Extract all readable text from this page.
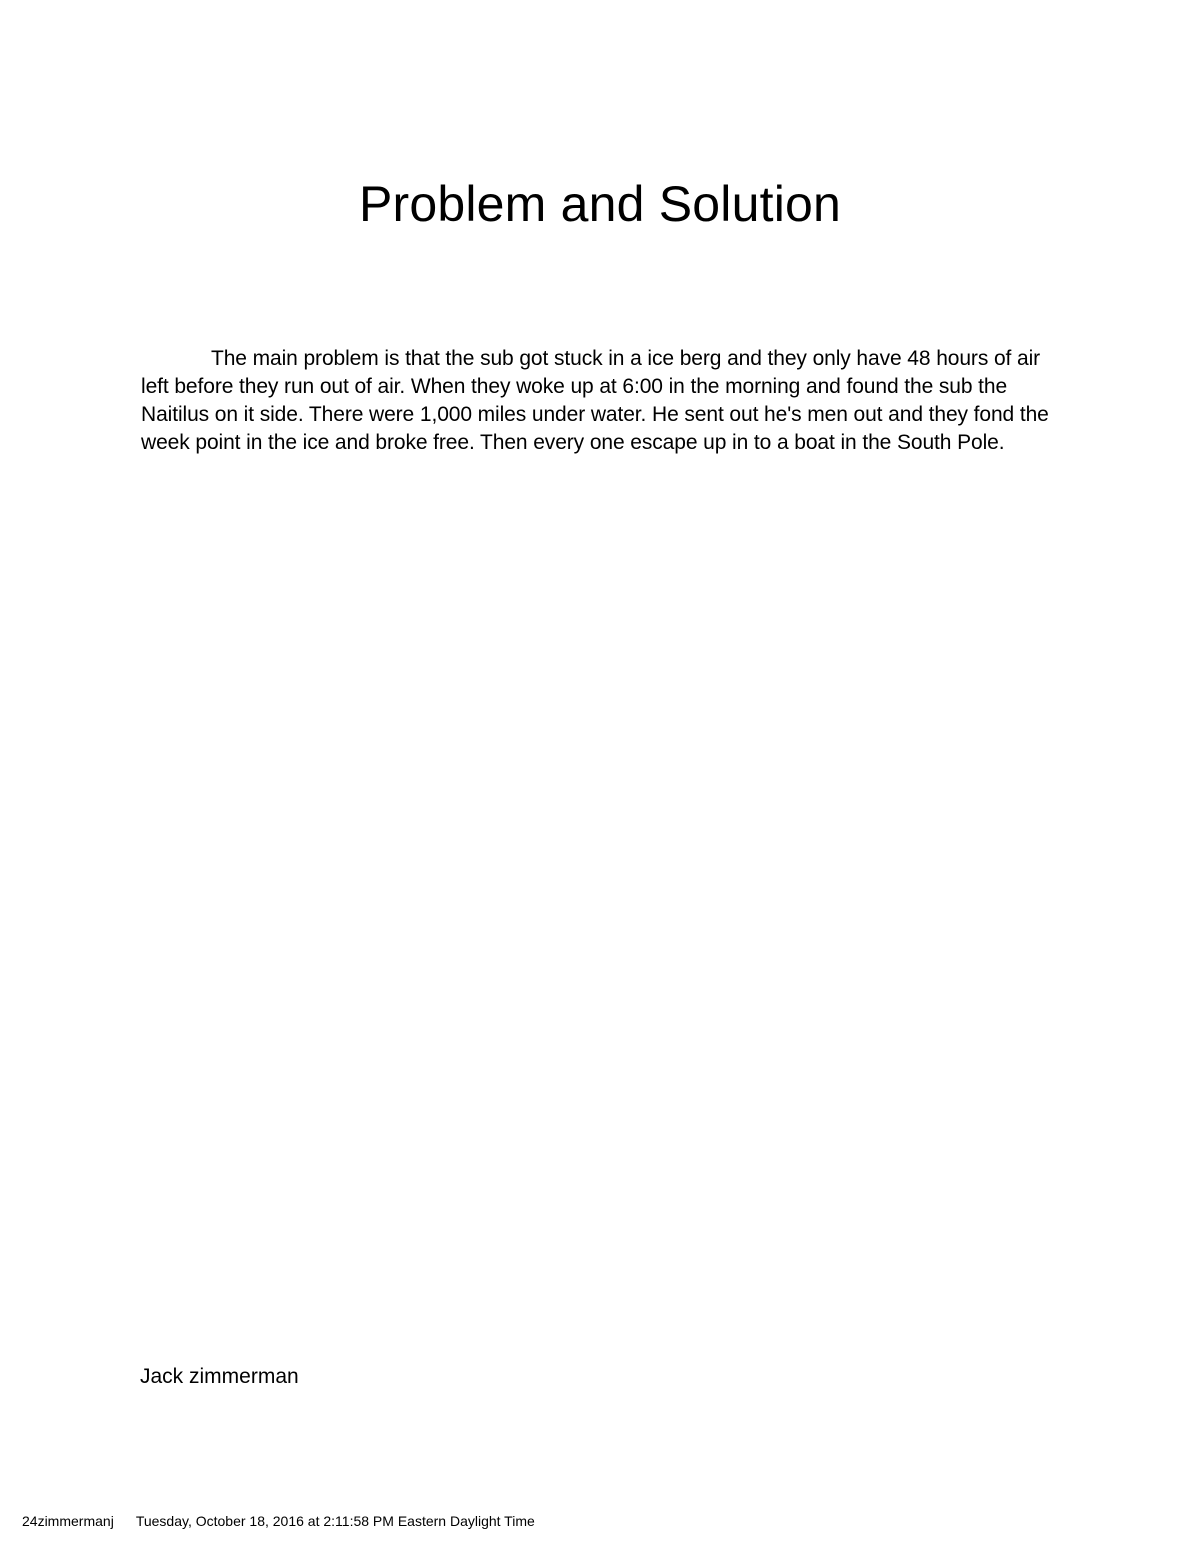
Problem and Solution

The main problem is that the sub got stuck in a ice berg and they only have 48 hours of air left before they run out of air. When they woke up at 6:00 in the morning and found the sub the Naitilus on it side. There were 1,000 miles under water. He sent out he's men out and they fond the week point in the ice and broke free. Then every one escape up in to a boat in the South Pole.

Jack zimmerman

24zimmermanj Tuesday, October 18, 2016 at 2:11:58 PM Eastern Daylight Time
